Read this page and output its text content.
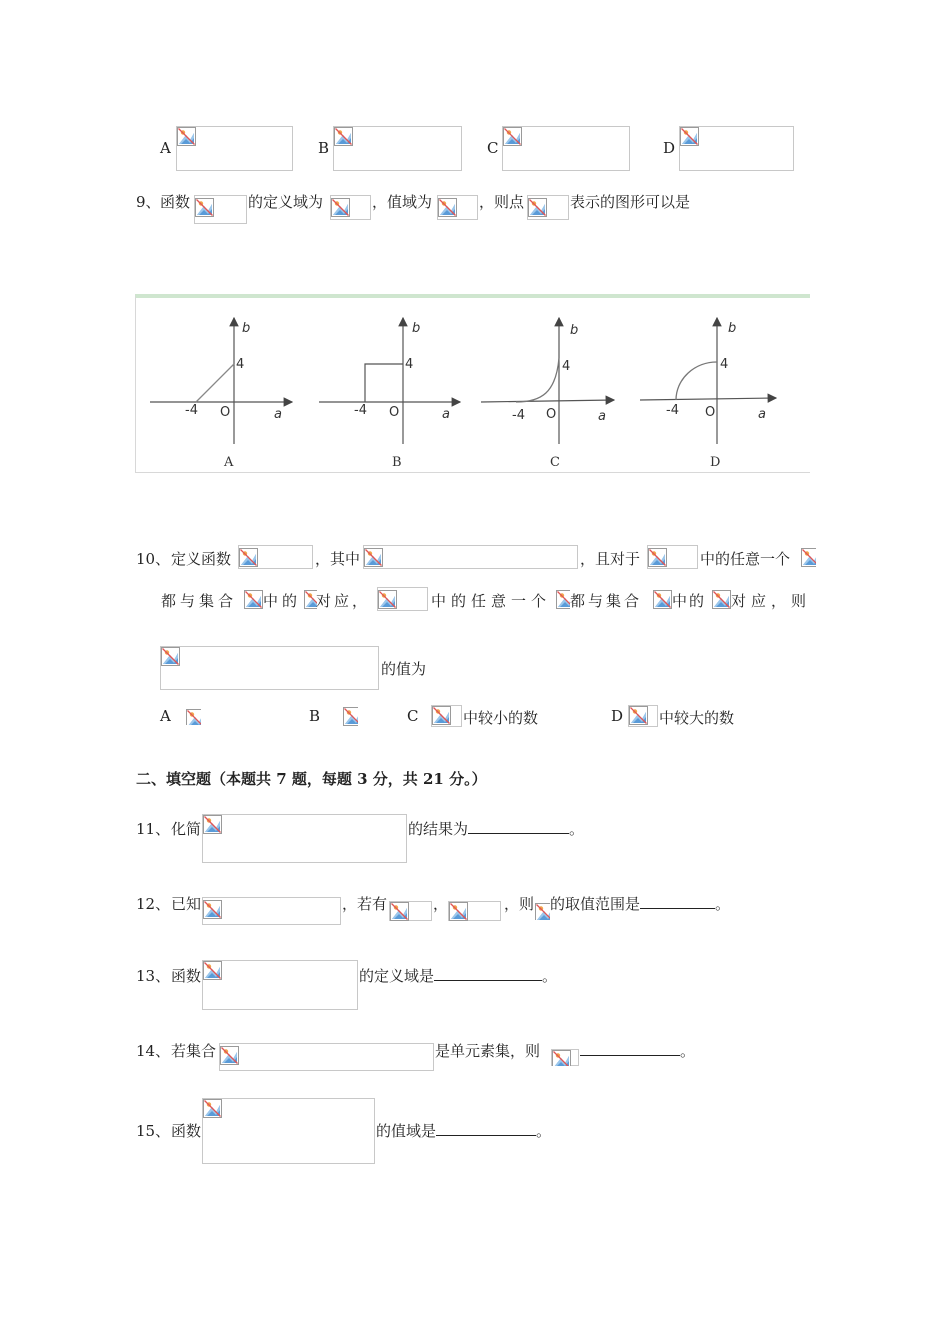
A	B	C	D
9、 函数	的定义域为	，值域为	，则点	表示的图形可以是
-4
4
O
b
a
A
-4
4
O
b
a
B
-4
4
O
b
a
C
-4
4
O
b
a
D
10、 定义函数	，其中	，且对于	中的任意一个
都与集合 中的 对应，	中的任意一个 都与集合 中的 对应，则
的值为
A	B	C	中较小的数	D 中较大的数
二、填空题（本题共 7 题，每题 3 分，共 21 分。）
11、 化简	的结果为	。
12、 已知	，若有	，	，则 的取值范围是	。
13、 函数	的定义域是	。
14、 若集合	是单元素集，则	。
15、 函数	的值域是	。
